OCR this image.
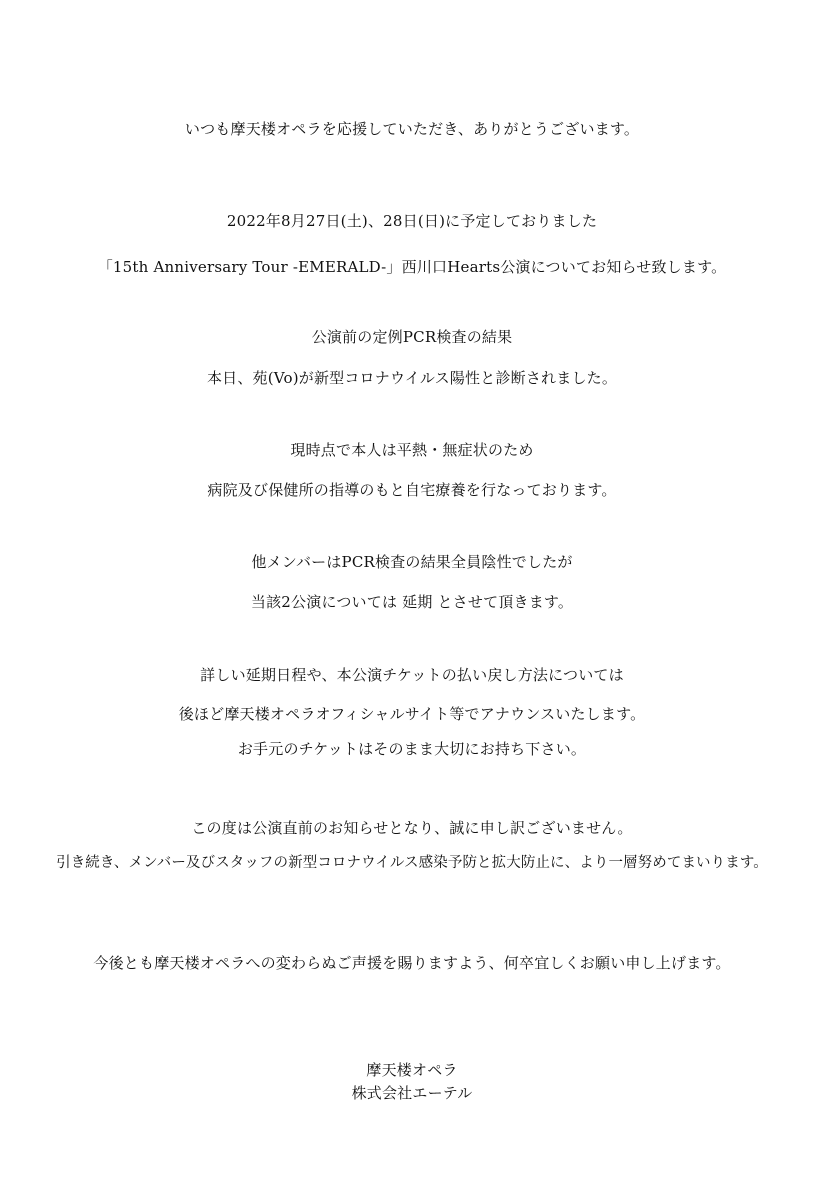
いつも摩天楼オペラを応援していただき、ありがとうございます。
2022年8月27日(土)、28日(日)に予定しておりました
「15th Anniversary Tour -EMERALD-」西川口Hearts公演についてお知らせ致します。
公演前の定例PCR検査の結果
本日、苑(Vo)が新型コロナウイルス陽性と診断されました。
現時点で本人は平熱・無症状のため
病院及び保健所の指導のもと自宅療養を行なっております。
他メンバーはPCR検査の結果全員陰性でしたが
当該2公演については 延期 とさせて頂きます。
詳しい延期日程や、本公演チケットの払い戻し方法については
後ほど摩天楼オペラオフィシャルサイト等でアナウンスいたします。
お手元のチケットはそのまま大切にお持ち下さい。
この度は公演直前のお知らせとなり、誠に申し訳ございません。
引き続き、メンバー及びスタッフの新型コロナウイルス感染予防と拡大防止に、より一層努めてまいります。
今後とも摩天楼オペラへの変わらぬご声援を賜りますよう、何卒宜しくお願い申し上げます。
摩天楼オペラ
株式会社エーテル
